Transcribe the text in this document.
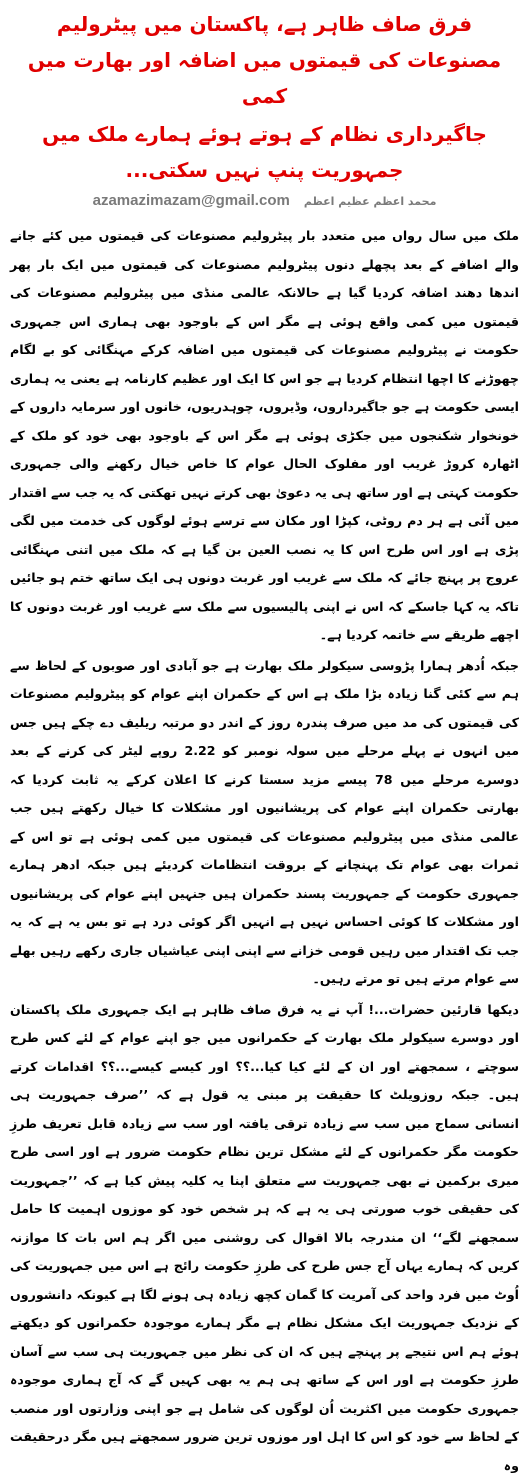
فرق صاف ظاہر ہے، پاکستان میں پیٹرولیم مصنوعات کی قیمتوں میں اضافہ اور بھارت میں کمی
جاگیرداری نظام کے ہوتے ہوئے ہمارے ملک میں جمہوریت پنپ نہیں سکتی...
azamazimazam@gmail.com محمد اعظم عظیم اعظم

ملک میں سال رواں میں متعدد بار پیٹرولیم مصنوعات کی قیمتوں میں کئے جانے والے اضافے کے بعد پچھلے دنوں پیٹرولیم مصنوعات کی قیمتوں میں ایک بار پھر اندھا دھند اضافہ کردیا گیا ہے حالانکہ عالمی منڈی میں پیٹرولیم مصنوعات کی قیمتوں میں کمی واقع ہوئی ہے مگر اس کے باوجود بھی ہماری اس جمہوری حکومت نے پیٹرولیم مصنوعات کی قیمتوں میں اضافہ کرکے مہنگائی کو بے لگام چھوڑنے کا اچھا انتظام کردیا ہے جو اس کا ایک اور عظیم کارنامہ ہے یعنی یہ ہماری ایسی حکومت ہے جو جاگیرداروں، وڈیروں، چوہدریوں، خانوں اور سرمایہ داروں کے خونخوار شکنجوں میں جکڑی ہوئی ہے مگر اس کے باوجود بھی خود کو ملک کے اٹھارہ کروڑ غریب اور مفلوک الحال عوام کا خاص خیال رکھنے والی جمہوری حکومت کہتی ہے اور ساتھ ہی یہ دعویٰ بھی کرتے نہیں تھکتی کہ یہ جب سے اقتدار میں آئی ہے ہر دم روٹی، کپڑا اور مکان سے ترسے ہوئے لوگوں کی خدمت میں لگی پڑی ہے اور اس طرح اس کا یہ نصب العین بن گیا ہے کہ ملک میں اتنی مہنگائی عروج پر پہنچ جائے کہ ملک سے غریب اور غربت دونوں ہی ایک ساتھ ختم ہو جائیں تاکہ یہ کہا جاسکے کہ اس نے اپنی پالیسیوں سے ملک سے غریب اور غربت دونوں کا اچھے طریقے سے خاتمہ کردیا ہے۔

جبکہ اُدھر ہمارا پڑوسی سیکولر ملک بھارت ہے جو آبادی اور صوبوں کے لحاظ سے ہم سے کئی گنا زیادہ بڑا ملک ہے اس کے حکمران اپنے عوام کو پیٹرولیم مصنوعات کی قیمتوں کی مد میں صرف پندرہ روز کے اندر دو مرتبہ ریلیف دے چکے ہیں جس میں انہوں نے پہلے مرحلے میں سولہ نومبر کو 2.22 روپے لیٹر کی کرنے کے بعد دوسرے مرحلے میں 78 پیسے مزید سستا کرنے کا اعلان کرکے یہ ثابت کردیا کہ بھارتی حکمران اپنے عوام کی پریشانیوں اور مشکلات کا خیال رکھتے ہیں جب عالمی منڈی میں پیٹرولیم مصنوعات کی قیمتوں میں کمی ہوئی ہے تو اس کے ثمرات بھی عوام تک پہنچانے کے بروقت انتظامات کردیئے ہیں جبکہ ادھر ہمارے جمہوری حکومت کے جمہوریت پسند حکمران ہیں جنہیں اپنے عوام کی پریشانیوں اور مشکلات کا کوئی احساس نہیں ہے انہیں اگر کوئی درد ہے تو بس یہ ہے کہ یہ جب تک اقتدار میں رہیں قومی خزانے سے اپنی اپنی عیاشیاں جاری رکھے رہیں بھلے سے عوام مرتے ہیں تو مرتے رہیں۔

دیکھا قارئین حضرات...! آپ نے یہ فرق صاف ظاہر ہے ایک جمہوری ملک پاکستان اور دوسرے سیکولر ملک بھارت کے حکمرانوں میں جو اپنے عوام کے لئے کس طرح سوچتے ، سمجھتے اور ان کے لئے کیا کیا...؟؟ اور کیسے کیسے...؟؟ اقدامات کرتے ہیں۔ جبکہ روزویلٹ کا حقیقت پر مبنی یہ قول ہے کہ ’’صرف جمہوریت ہی انسانی سماج میں سب سے زیادہ ترقی یافتہ اور سب سے زیادہ قابل تعریف طرزِ حکومت مگر حکمرانوں کے لئے مشکل ترین نظام حکومت ضرور ہے اور اسی طرح میری برکمین نے بھی جمہوریت سے متعلق اپنا یہ کلیہ پیش کیا ہے کہ ’’جمہوریت کی حقیقی خوب صورتی ہی یہ ہے کہ ہر شخص خود کو موزوں اہمیت کا حامل سمجھنے لگے‘‘ ان مندرجہ بالا اقوال کی روشنی میں اگر ہم اس بات کا موازنہ کریں کہ ہمارے یہاں آج جس طرح کی طرزِ حکومت رائج ہے اس میں جمہوریت کی اُوٹ میں فرد واحد کی آمریت کا گمان کچھ زیادہ ہی ہونے لگا ہے کیونکہ دانشوروں کے نزدیک جمہوریت ایک مشکل نظام ہے مگر ہمارے موجودہ حکمرانوں کو دیکھتے ہوئے ہم اس نتیجے پر پہنچے ہیں کہ ان کی نظر میں جمہوریت ہی سب سے آسان طرزِ حکومت ہے اور اس کے ساتھ ہی ہم یہ بھی کہیں گے کہ آج ہماری موجودہ جمہوری حکومت میں اکثریت اُن لوگوں کی شامل ہے جو اپنی وزارتوں اور منصب کے لحاظ سے خود کو اس کا اہل اور موزوں ترین ضرور سمجھتے ہیں مگر درحقیقت وہ
